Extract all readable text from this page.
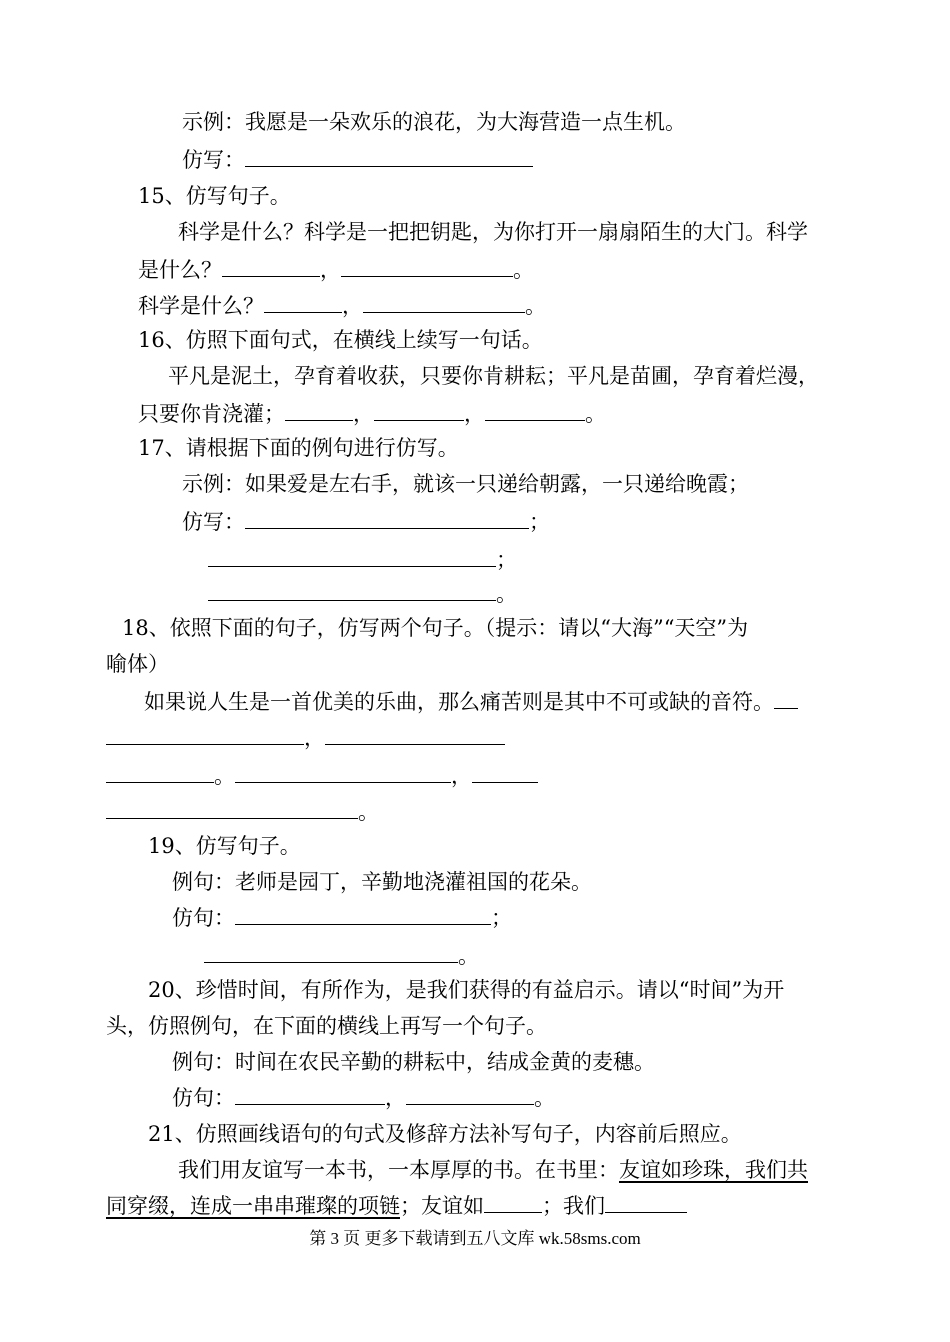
示例：我愿是一朵欢乐的浪花，为大海营造一点生机。
仿写：
15、仿写句子。
科学是什么？科学是一把把钥匙，为你打开一扇扇陌生的大门。科学
是什么？	，	。
科学是什么？	，	。
16、仿照下面句式，在横线上续写一句话。
平凡是泥土，孕育着收获，只要你肯耕耘；平凡是苗圃，孕育着烂漫，
只要你肯浇灌；	，	，	。
17、请根据下面的例句进行仿写。
示例：如果爱是左右手，就该一只递给朝露，一只递给晚霞；
仿写：	；
；
。
18、依照下面的句子，仿写两个句子。（提示：请以“大海”“天空”为
喻体）
如果说人生是一首优美的乐曲，那么痛苦则是其中不可或缺的音符。
，
。	，
。
19、仿写句子。
例句：老师是园丁，辛勤地浇灌祖国的花朵。
仿句：	；
。
20、珍惜时间，有所作为，是我们获得的有益启示。请以“时间”为开
头，仿照例句，在下面的横线上再写一个句子。
例句：时间在农民辛勤的耕耘中，结成金黄的麦穗。
仿句：	，	。
21、仿照画线语句的句式及修辞方法补写句子，内容前后照应。
我们用友谊写一本书，一本厚厚的书。在书里：友谊如珍珠，我们共
同穿缀，连成一串串璀璨的项链；友谊如	；我们
第 3 页 更多下载请到五八文库 wk.58sms.com
